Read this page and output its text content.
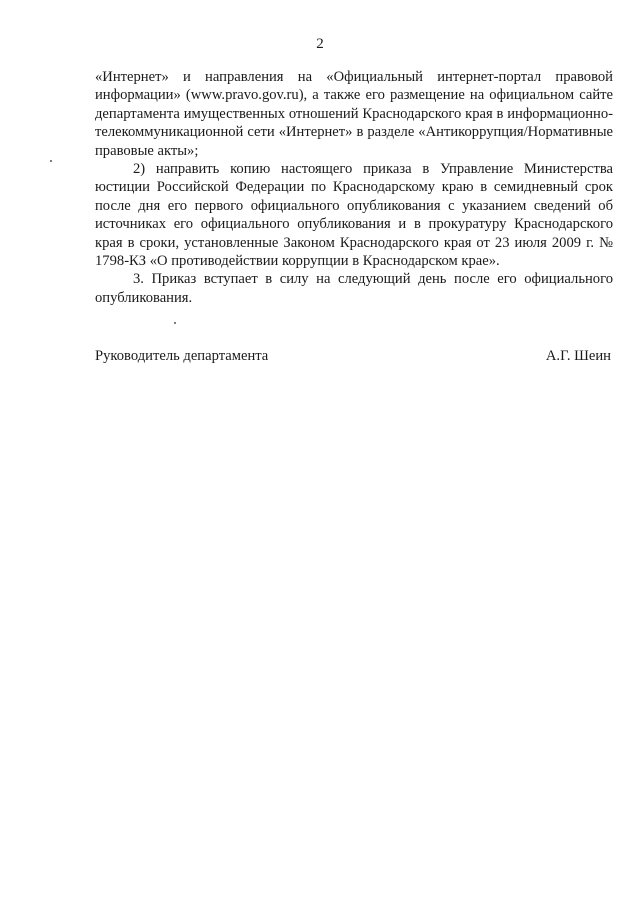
2

«Интернет» и направления на «Официальный интернет-портал правовой информации» (www.pravo.gov.ru), а также его размещение на официальном сайте департамента имущественных отношений Краснодарского края в информационно-телекоммуникационной сети «Интернет» в разделе «Антикоррупция/Нормативные правовые акты»;

2) направить копию настоящего приказа в Управление Министерства юстиции Российской Федерации по Краснодарскому краю в семидневный срок после дня его первого официального опубликования с указанием сведений об источниках его официального опубликования и в прокуратуру Краснодарского края в сроки, установленные Законом Краснодарского края от 23 июля 2009 г. № 1798-КЗ «О противодействии коррупции в Краснодарском крае».

3. Приказ вступает в силу на следующий день после его официального опубликования.

Руководитель департамента	А.Г. Шеин
